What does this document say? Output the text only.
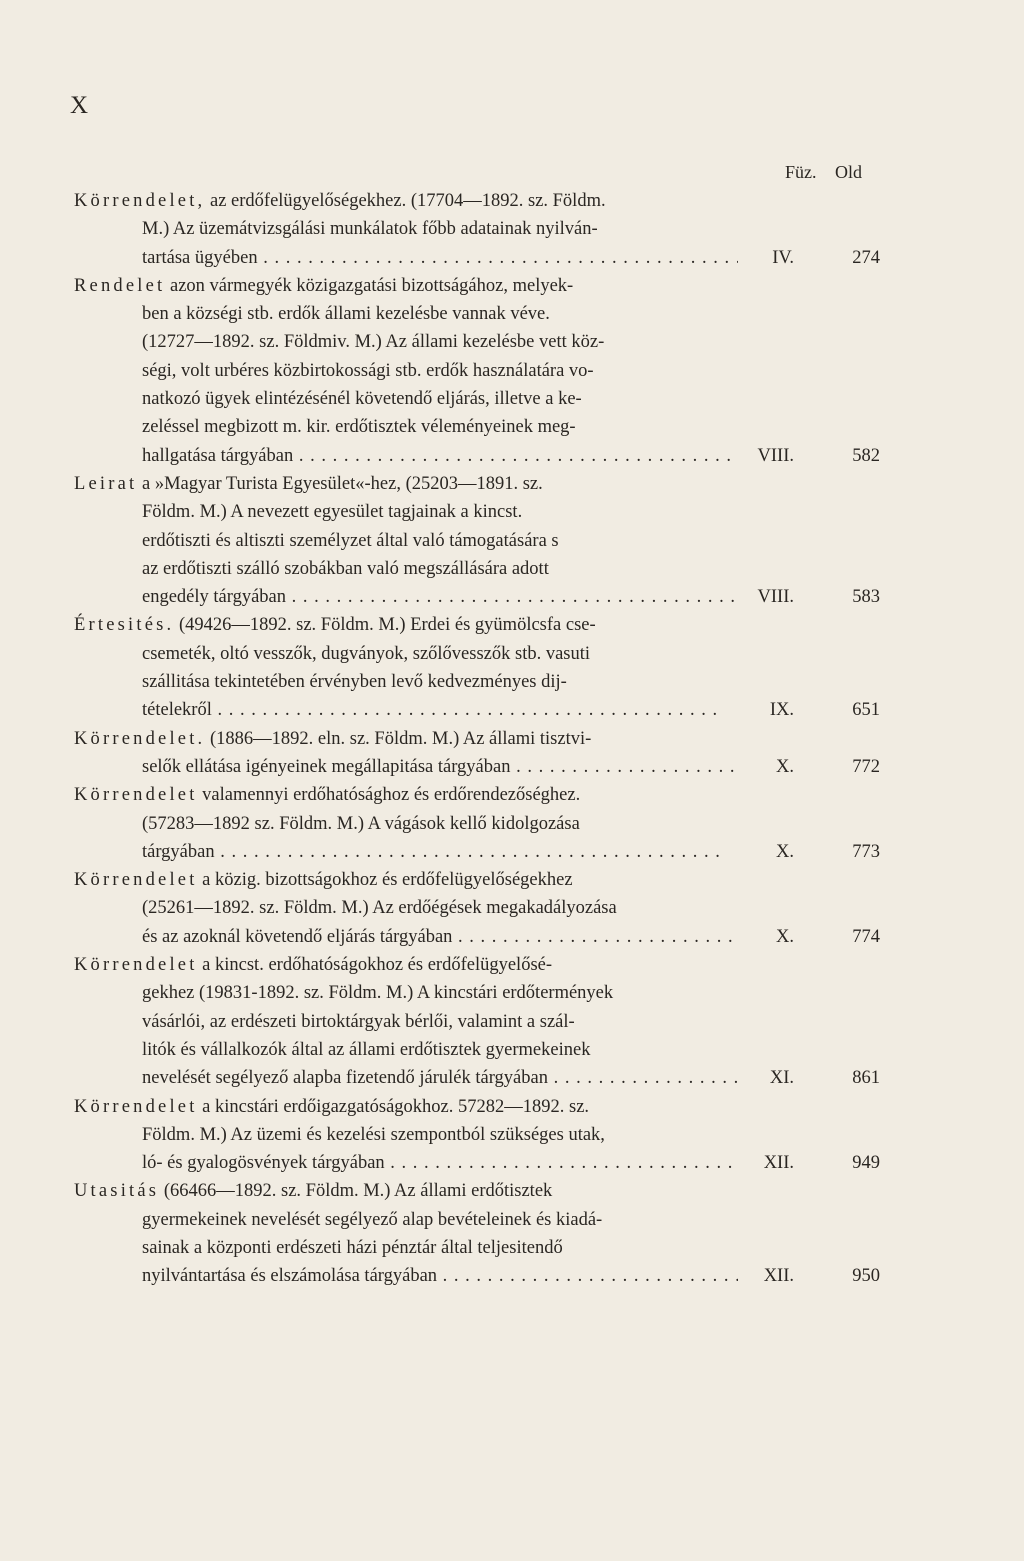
X
Füz. Old
Körrendelet, az erdőfelügyelőségekhez. (17704—1892. sz. Földm.
M.) Az üzemátvizsgálási munkálatok főbb adatainak nyilván-
tartása ügyében . . .	IV.	274
Rendelet azon vármegyék közigazgatási bizottságához, melyek-
ben a községi stb. erdők állami kezelésbe vannak véve.
(12727—1892. sz. Földmiv. M.) Az állami kezelésbe vett köz-
ségi, volt urbéres közbirtokossági stb. erdők használatára vo-
natkozó ügyek elintézésénél követendő eljárás, illetve a ke-
zeléssel megbizott m. kir. erdőtisztek véleményeinek meg-
hallgatása tárgyában . . .	VIII.	582
Leirat a »Magyar Turista Egyesület«-hez, (25203—1891. sz.
Földm. M.) A nevezett egyesület tagjainak a kincst.
erdőtiszti és altiszti személyzet által való támogatására s
az erdőtiszti szálló szobákban való megszállására adott
engedély tárgyában . . .	VIII.	583
Értesités. (49426—1892. sz. Földm. M.) Erdei és gyümölcsfa cse-
csemeték, oltó vesszők, dugványok, szőlővesszők stb. vasuti
szállitása tekintetében érvényben levő kedvezményes dij-
tételekről . . .	IX.	651
Körrendelet. (1886—1892. eln. sz. Földm. M.) Az állami tisztvi-
selők ellátása igényeinek megállapitása tárgyában . . .	X.	772
Körrendelet valamennyi erdőhatósághoz és erdőrendezőséghez.
(57283—1892 sz. Földm. M.) A vágások kellő kidolgozása
tárgyában . . .	X.	773
Körrendelet a közig. bizottságokhoz és erdőfelügyelőségekhez
(25261—1892. sz. Földm. M.) Az erdőégések megakadályozása
és az azoknál követendő eljárás tárgyában . . .	X.	774
Körrendelet a kincst. erdőhatóságokhoz és erdőfelügyelősé-
gekhez (19831-1892. sz. Földm. M.) A kincstári erdőtermények
vásárlói, az erdészeti birtoktárgyak bérlői, valamint a szál-
litók és vállalkozók által az állami erdőtisztek gyermekeinek
nevelését segélyező alapba fizetendő járulék tárgyában . . .	XI.	861
Körrendelet a kincstári erdőigazgatóságokhoz. 57282—1892. sz.
Földm. M.) Az üzemi és kezelési szempontból szükséges utak,
ló- és gyalogösvények tárgyában . . .	XII.	949
Utasitás (66466—1892. sz. Földm. M.) Az állami erdőtisztek
gyermekeinek nevelését segélyező alap bevételeinek és kiadá-
sainak a központi erdészeti házi pénztár által teljesitendő
nyilvántartása és elszámolása tárgyában . . .	XII.	950
